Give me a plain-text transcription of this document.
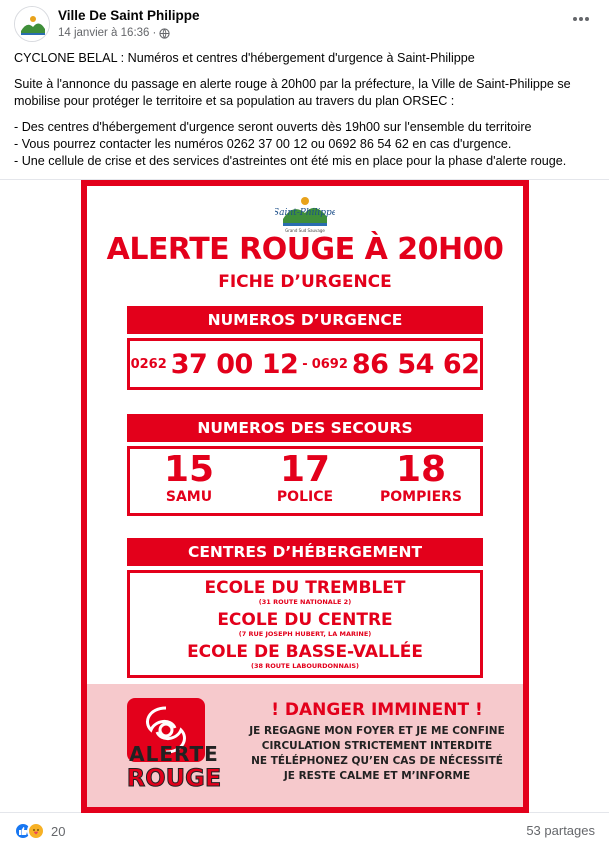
Ville De Saint Philippe
14 janvier à 16:36 ·

CYCLONE BELAL : Numéros et centres d'hébergement d'urgence à Saint-Philippe

Suite à l'annonce du passage en alerte rouge à 20h00 par la préfecture, la Ville de Saint-Philippe se

mobilise pour protéger le territoire et sa population au travers du plan ORSEC :

- Des centres d'hébergement d'urgence seront ouverts dès 19h00 sur l'ensemble du territoire

- Vous pourrez contacter les numéros 0262 37 00 12 ou 0692 86 54 62 en cas d'urgence.

- Une cellule de crise et des services d'astreintes ont été mis en place pour la phase d'alerte rouge.

Saint-Philippe
Grand Sud Sauvage
ALERTE ROUGE À 20H00
FICHE D’URGENCE
NUMEROS D’URGENCE
0262 37 00 12 - 0692 86 54 62
NUMEROS DES SECOURS
15
SAMU
17
POLICE
18
POMPIERS
CENTRES D’HÉBERGEMENT
ECOLE DU TREMBLET
(31 ROUTE NATIONALE 2)
ECOLE DU CENTRE
(7 RUE JOSEPH HUBERT, LA MARINE)
ECOLE DE BASSE-VALLÉE
(38 ROUTE LABOURDONNAIS)
ALERTE
ROUGE
! DANGER IMMINENT !
JE REGAGNE MON FOYER ET JE ME CONFINE
CIRCULATION STRICTEMENT INTERDITE
NE TÉLÉPHONEZ QU’EN CAS DE NÉCESSITÉ
JE RESTE CALME ET M’INFORME
20	53 partages
